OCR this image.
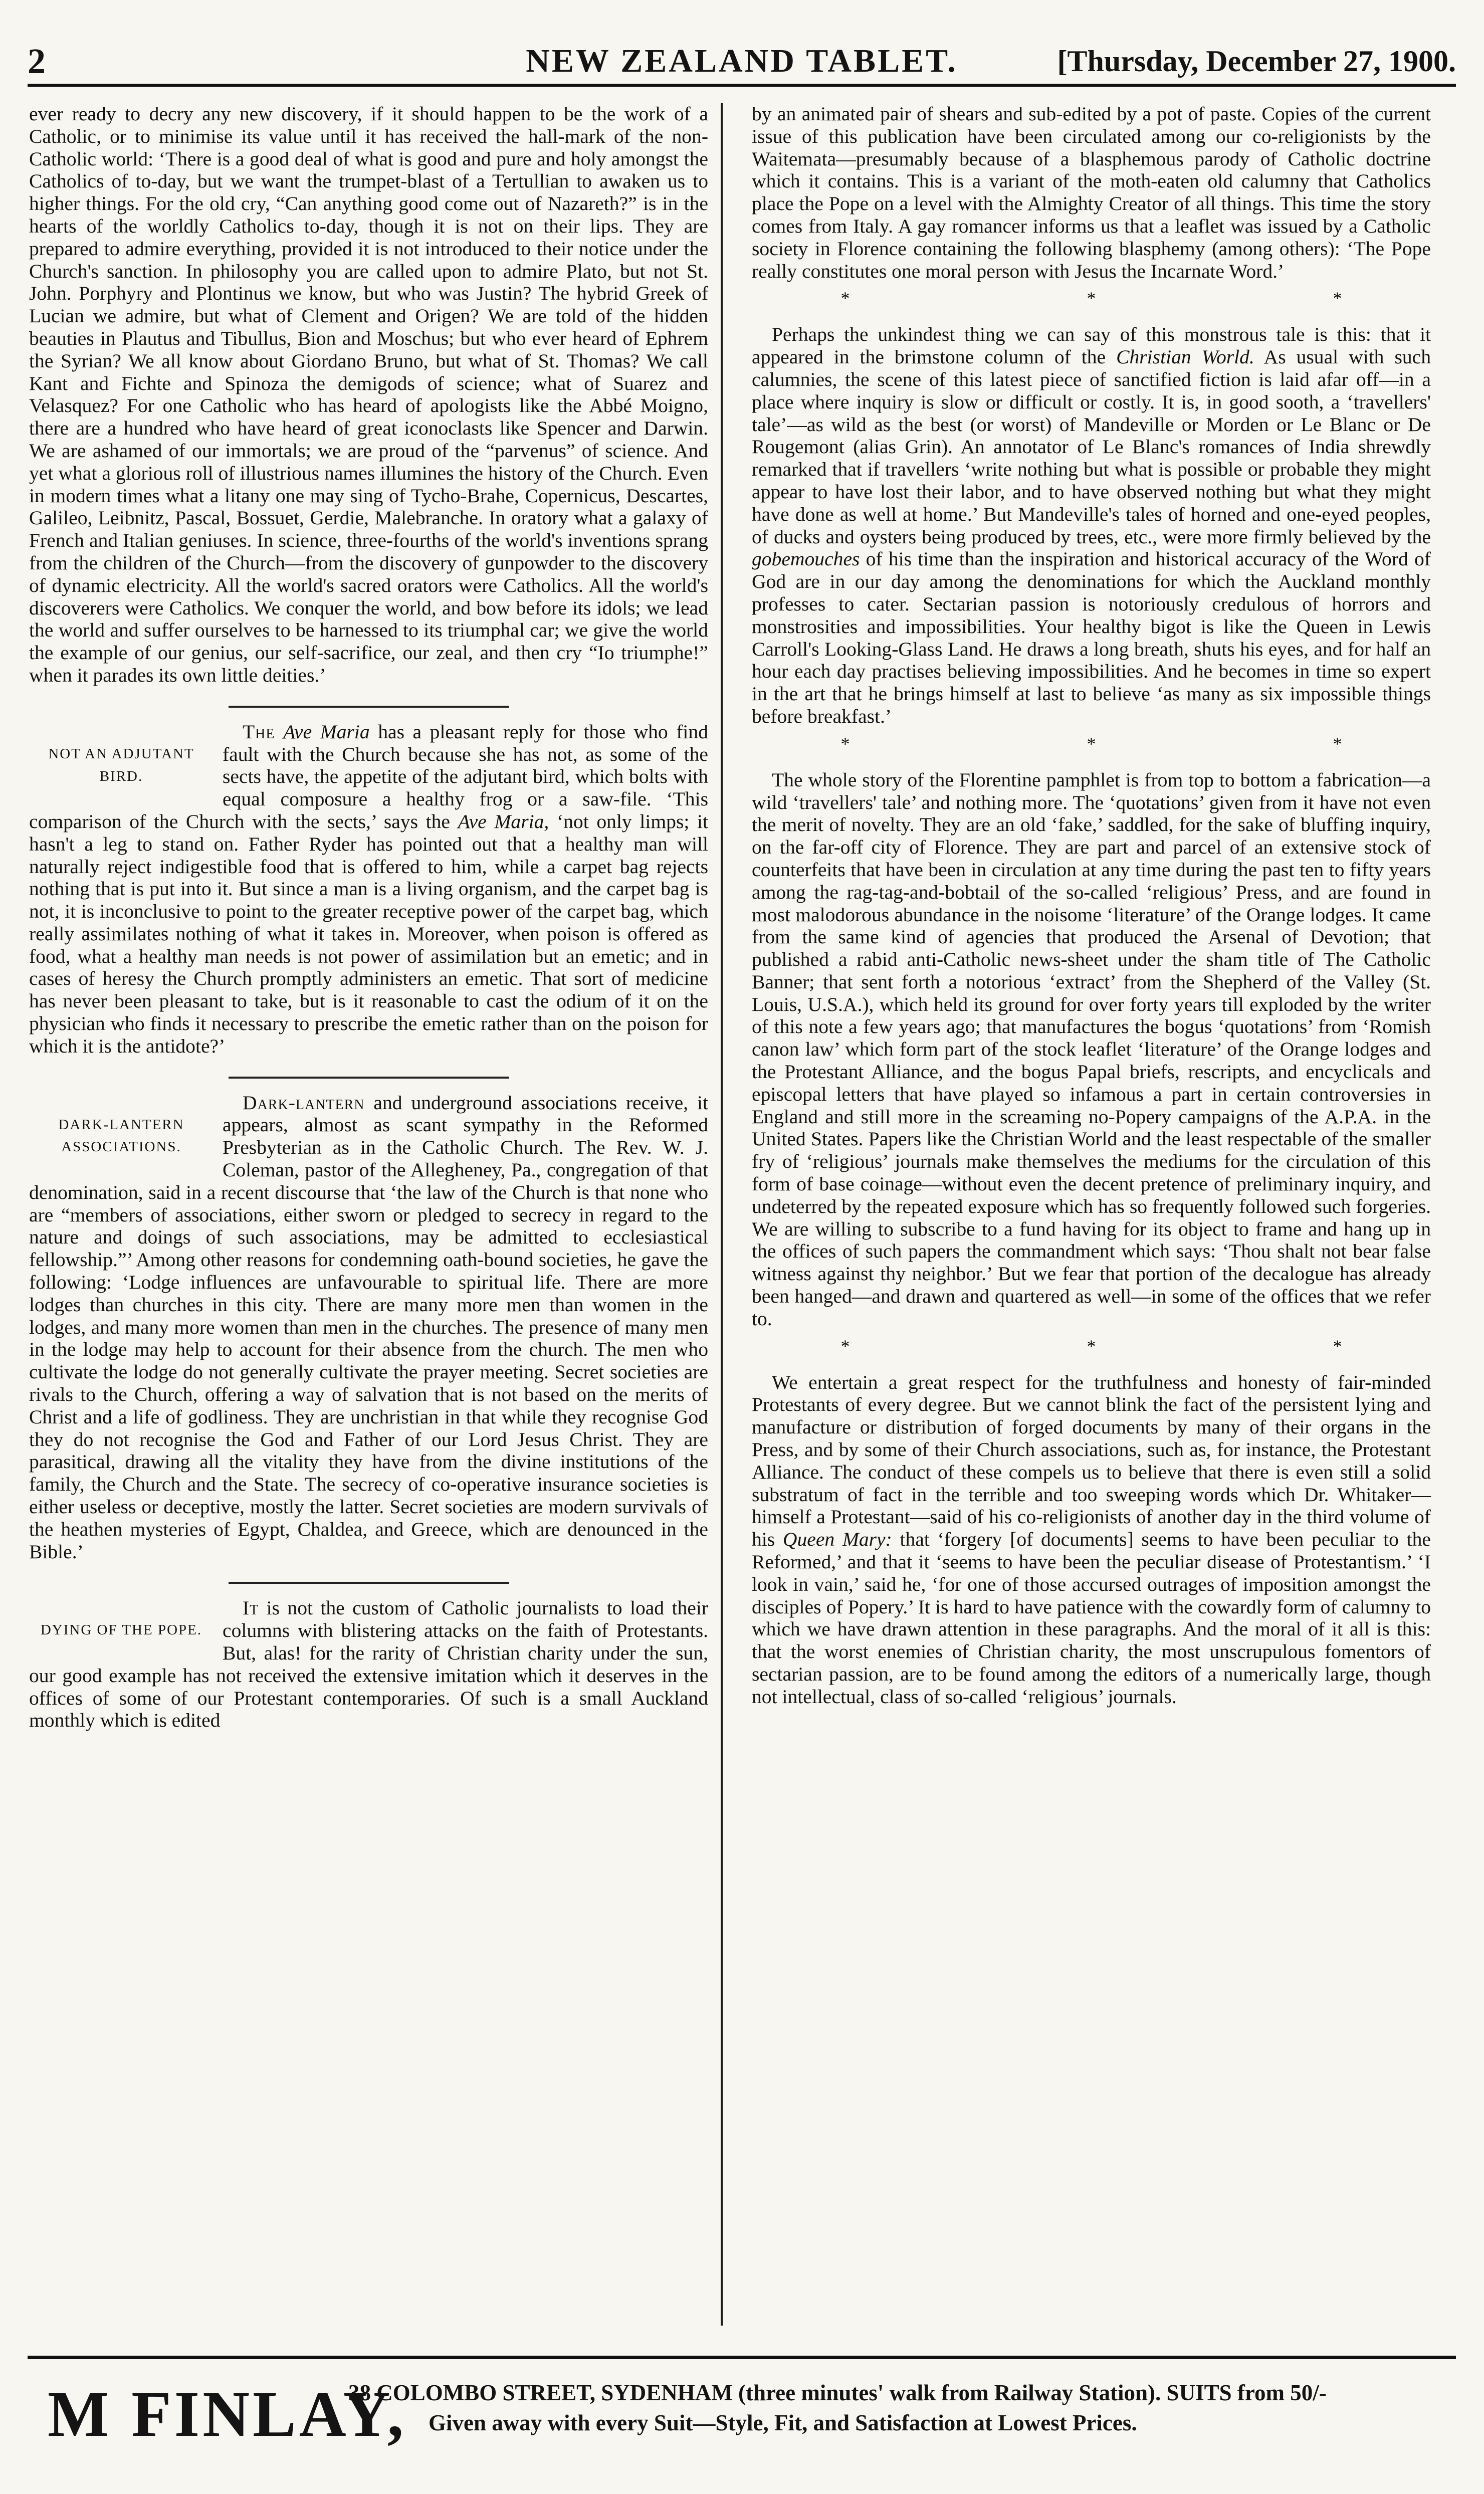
2	NEW ZEALAND TABLET.	[Thursday, December 27, 1900.

ever ready to decry any new discovery, if it should happen to be the work of a Catholic, or to minimise its value until it has received the hall-mark of the non-Catholic world: ‘There is a good deal of what is good and pure and holy amongst the Catholics of to-day, but we want the trumpet-blast of a Tertullian to awaken us to higher things. For the old cry, “Can anything good come out of Nazareth?” is in the hearts of the worldly Catholics to-day, though it is not on their lips. They are prepared to admire everything, provided it is not introduced to their notice under the Church's sanction. In philosophy you are called upon to admire Plato, but not St. John. Porphyry and Plontinus we know, but who was Justin? The hybrid Greek of Lucian we admire, but what of Clement and Origen? We are told of the hidden beauties in Plautus and Tibullus, Bion and Moschus; but who ever heard of Ephrem the Syrian? We all know about Giordano Bruno, but what of St. Thomas? We call Kant and Fichte and Spinoza the demigods of science; what of Suarez and Velasquez? For one Catholic who has heard of apologists like the Abbé Moigno, there are a hundred who have heard of great iconoclasts like Spencer and Darwin. We are ashamed of our immortals; we are proud of the “parvenus” of science. And yet what a glorious roll of illustrious names illumines the history of the Church. Even in modern times what a litany one may sing of Tycho-Brahe, Copernicus, Descartes, Galileo, Leibnitz, Pascal, Bossuet, Gerdie, Malebranche. In oratory what a galaxy of French and Italian geniuses. In science, three-fourths of the world's inventions sprang from the children of the Church—from the discovery of gunpowder to the discovery of dynamic electricity. All the world's sacred orators were Catholics. All the world's discoverers were Catholics. We conquer the world, and bow before its idols; we lead the world and suffer ourselves to be harnessed to its triumphal car; we give the world the example of our genius, our self-sacrifice, our zeal, and then cry “Io triumphe!” when it parades its own little deities.’

NOT AN ADJUTANT BIRD.

The Ave Maria has a pleasant reply for those who find fault with the Church because she has not, as some of the sects have, the appetite of the adjutant bird, which bolts with equal composure a healthy frog or a saw-file. ‘This comparison of the Church with the sects,’ says the Ave Maria, ‘not only limps; it hasn't a leg to stand on. Father Ryder has pointed out that a healthy man will naturally reject indigestible food that is offered to him, while a carpet bag rejects nothing that is put into it. But since a man is a living organism, and the carpet bag is not, it is inconclusive to point to the greater receptive power of the carpet bag, which really assimilates nothing of what it takes in. Moreover, when poison is offered as food, what a healthy man needs is not power of assimilation but an emetic; and in cases of heresy the Church promptly administers an emetic. That sort of medicine has never been pleasant to take, but is it reasonable to cast the odium of it on the physician who finds it necessary to prescribe the emetic rather than on the poison for which it is the antidote?’

DARK-LANTERN ASSOCIATIONS.

Dark-lantern and underground associations receive, it appears, almost as scant sympathy in the Reformed Presbyterian as in the Catholic Church. The Rev. W. J. Coleman, pastor of the Allegheney, Pa., congregation of that denomination, said in a recent discourse that ‘the law of the Church is that none who are “members of associations, either sworn or pledged to secrecy in regard to the nature and doings of such associations, may be admitted to ecclesiastical fellowship.”’ Among other reasons for condemning oath-bound societies, he gave the following: ‘Lodge influences are unfavourable to spiritual life. There are more lodges than churches in this city. There are many more men than women in the lodges, and many more women than men in the churches. The presence of many men in the lodge may help to account for their absence from the church. The men who cultivate the lodge do not generally cultivate the prayer meeting. Secret societies are rivals to the Church, offering a way of salvation that is not based on the merits of Christ and a life of godliness. They are unchristian in that while they recognise God they do not recognise the God and Father of our Lord Jesus Christ. They are parasitical, drawing all the vitality they have from the divine institutions of the family, the Church and the State. The secrecy of co-operative insurance societies is either useless or deceptive, mostly the latter. Secret societies are modern survivals of the heathen mysteries of Egypt, Chaldea, and Greece, which are denounced in the Bible.’

DYING OF THE POPE.

It is not the custom of Catholic journalists to load their columns with blistering attacks on the faith of Protestants. But, alas! for the rarity of Christian charity under the sun, our good example has not received the extensive imitation which it deserves in the offices of some of our Protestant contemporaries. Of such is a small Auckland monthly which is edited

by an animated pair of shears and sub-edited by a pot of paste. Copies of the current issue of this publication have been circulated among our co-religionists by the Waitemata—presumably because of a blasphemous parody of Catholic doctrine which it contains. This is a variant of the moth-eaten old calumny that Catholics place the Pope on a level with the Almighty Creator of all things. This time the story comes from Italy. A gay romancer informs us that a leaflet was issued by a Catholic society in Florence containing the following blasphemy (among others): ‘The Pope really constitutes one moral person with Jesus the Incarnate Word.’

*	*	*

Perhaps the unkindest thing we can say of this monstrous tale is this: that it appeared in the brimstone column of the Christian World. As usual with such calumnies, the scene of this latest piece of sanctified fiction is laid afar off—in a place where inquiry is slow or difficult or costly. It is, in good sooth, a ‘travellers' tale’—as wild as the best (or worst) of Mandeville or Morden or Le Blanc or De Rougemont (alias Grin). An annotator of Le Blanc's romances of India shrewdly remarked that if travellers ‘write nothing but what is possible or probable they might appear to have lost their labor, and to have observed nothing but what they might have done as well at home.’ But Mandeville's tales of horned and one-eyed peoples, of ducks and oysters being produced by trees, etc., were more firmly believed by the gobemouches of his time than the inspiration and historical accuracy of the Word of God are in our day among the denominations for which the Auckland monthly professes to cater. Sectarian passion is notoriously credulous of horrors and monstrosities and impossibilities. Your healthy bigot is like the Queen in Lewis Carroll's Looking-Glass Land. He draws a long breath, shuts his eyes, and for half an hour each day practises believing impossibilities. And he becomes in time so expert in the art that he brings himself at last to believe ‘as many as six impossible things before breakfast.’

*	*	*

The whole story of the Florentine pamphlet is from top to bottom a fabrication—a wild ‘travellers' tale’ and nothing more. The ‘quotations’ given from it have not even the merit of novelty. They are an old ‘fake,’ saddled, for the sake of bluffing inquiry, on the far-off city of Florence. They are part and parcel of an extensive stock of counterfeits that have been in circulation at any time during the past ten to fifty years among the rag-tag-and-bobtail of the so-called ‘religious’ Press, and are found in most malodorous abundance in the noisome ‘literature’ of the Orange lodges. It came from the same kind of agencies that produced the Arsenal of Devotion; that published a rabid anti-Catholic news-sheet under the sham title of The Catholic Banner; that sent forth a notorious ‘extract’ from the Shepherd of the Valley (St. Louis, U.S.A.), which held its ground for over forty years till exploded by the writer of this note a few years ago; that manufactures the bogus ‘quotations’ from ‘Romish canon law’ which form part of the stock leaflet ‘literature’ of the Orange lodges and the Protestant Alliance, and the bogus Papal briefs, rescripts, and encyclicals and episcopal letters that have played so infamous a part in certain controversies in England and still more in the screaming no-Popery campaigns of the A.P.A. in the United States. Papers like the Christian World and the least respectable of the smaller fry of ‘religious’ journals make themselves the mediums for the circulation of this form of base coinage—without even the decent pretence of preliminary inquiry, and undeterred by the repeated exposure which has so frequently followed such forgeries. We are willing to subscribe to a fund having for its object to frame and hang up in the offices of such papers the commandment which says: ‘Thou shalt not bear false witness against thy neighbor.’ But we fear that portion of the decalogue has already been hanged—and drawn and quartered as well—in some of the offices that we refer to.

*	*	*

We entertain a great respect for the truthfulness and honesty of fair-minded Protestants of every degree. But we cannot blink the fact of the persistent lying and manufacture or distribution of forged documents by many of their organs in the Press, and by some of their Church associations, such as, for instance, the Protestant Alliance. The conduct of these compels us to believe that there is even still a solid substratum of fact in the terrible and too sweeping words which Dr. Whitaker—himself a Protestant—said of his co-religionists of another day in the third volume of his Queen Mary: that ‘forgery [of documents] seems to have been peculiar to the Reformed,’ and that it ‘seems to have been the peculiar disease of Protestantism.’ ‘I look in vain,’ said he, ‘for one of those accursed outrages of imposition amongst the disciples of Popery.’ It is hard to have patience with the cowardly form of calumny to which we have drawn attention in these paragraphs. And the moral of it all is this: that the worst enemies of Christian charity, the most unscrupulous fomentors of sectarian passion, are to be found among the editors of a numerically large, though not intellectual, class of so-called ‘religious’ journals.

M FINLAY,
38 COLOMBO STREET, SYDENHAM (three minutes' walk from Railway Station). SUITS from 50/-
Given away with every Suit—Style, Fit, and Satisfaction at Lowest Prices.
